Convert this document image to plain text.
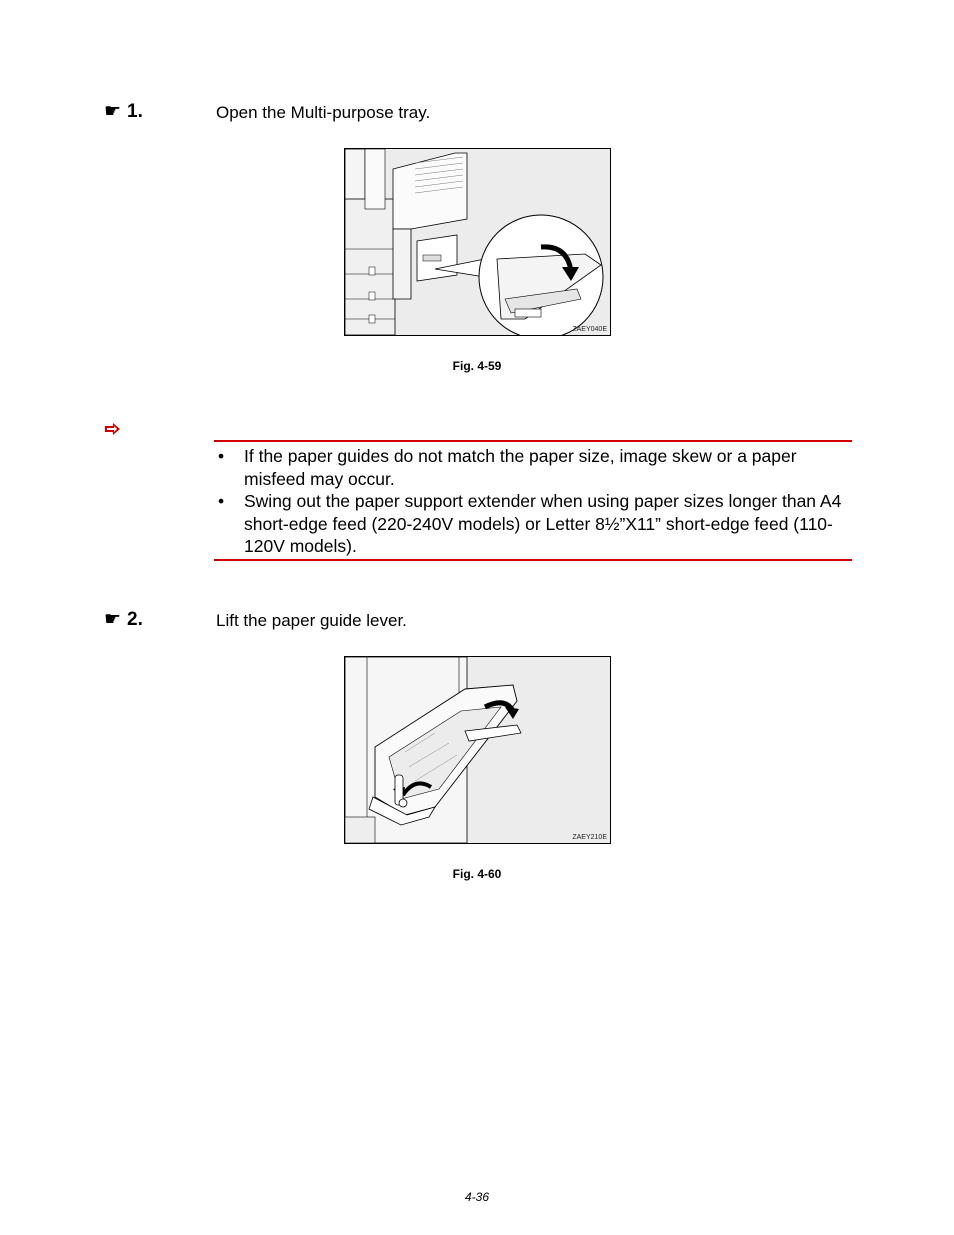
☛ 1.	Open the Multi-purpose tray.
ZAEY040E
Fig. 4-59
• If the paper guides do not match the paper size, image skew or a paper misfeed may occur.
• Swing out the paper support extender when using paper sizes longer than A4 short-edge feed (220-240V models) or Letter 8½”X11” short-edge feed (110-120V models).
☛ 2.	Lift the paper guide lever.
ZAEY210E
Fig. 4-60
4-36
